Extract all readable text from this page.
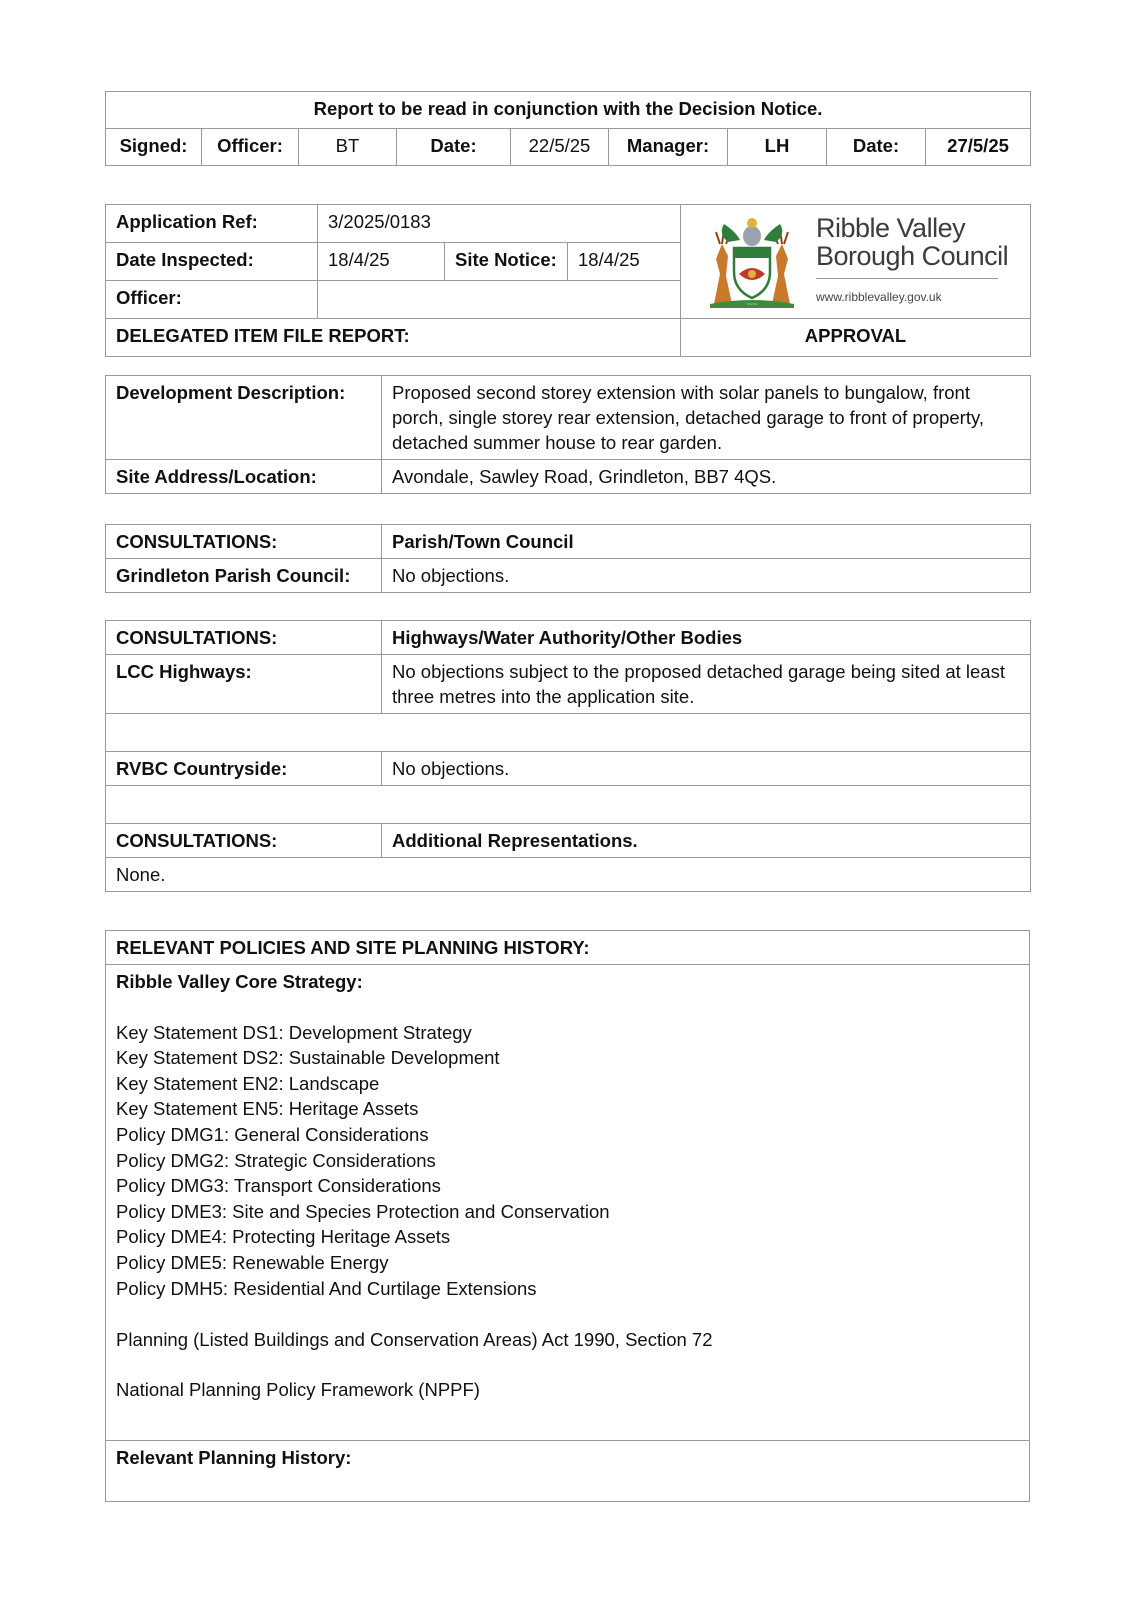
Report to be read in conjunction with the Decision Notice.
Signed:	Officer:	BT	Date:	22/5/25	Manager:	LH	Date:	27/5/25
Application Ref:	3/2025/0183			~~~~
Ribble Valley
Borough Council
www.ribblevalley.gov.uk

Date Inspected:	18/4/25	Site Notice:	18/4/25	
Officer:				
DELEGATED ITEM FILE REPORT:				APPROVAL
Development Description:	Proposed second storey extension with solar panels to bungalow, front porch, single storey rear extension, detached garage to front of property, detached summer house to rear garden.
Site Address/Location:	Avondale, Sawley Road, Grindleton, BB7 4QS.
CONSULTATIONS:	Parish/Town Council
Grindleton Parish Council:	No objections.
CONSULTATIONS:	Highways/Water Authority/Other Bodies
LCC Highways:	No objections subject to the proposed detached garage being sited at least three metres into the application site.

RVBC Countryside:	No objections.

CONSULTATIONS:	Additional Representations.
None.	
RELEVANT POLICIES AND SITE PLANNING HISTORY:

Ribble Valley Core Strategy:
Key Statement DS1: Development Strategy
Key Statement DS2: Sustainable Development
Key Statement EN2: Landscape
Key Statement EN5: Heritage Assets
Policy DMG1: General Considerations
Policy DMG2: Strategic Considerations
Policy DMG3: Transport Considerations
Policy DME3: Site and Species Protection and Conservation
Policy DME4: Protecting Heritage Assets
Policy DME5: Renewable Energy
Policy DMH5: Residential And Curtilage Extensions
Planning (Listed Buildings and Conservation Areas) Act 1990, Section 72
National Planning Policy Framework (NPPF)

Relevant Planning History:
